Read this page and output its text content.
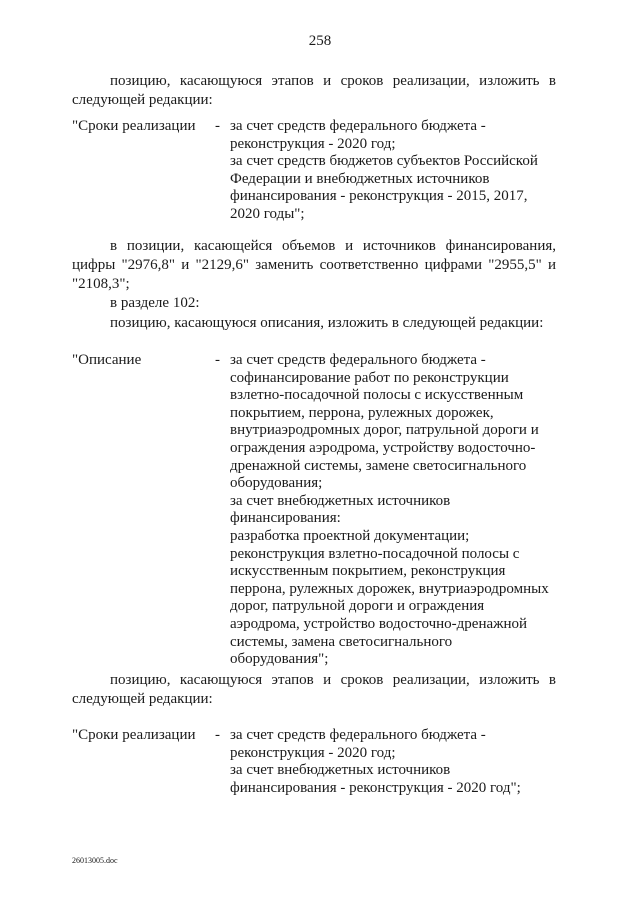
258
позицию, касающуюся этапов и сроков реализации, изложить в
следующей редакции:
"Сроки реализации - за счет средств федерального бюджета -
реконструкция - 2020 год;
за счет средств бюджетов субъектов Российской
Федерации и внебюджетных источников
финансирования - реконструкция - 2015, 2017,
2020 годы";
в позиции, касающейся объемов и источников финансирования,
цифры "2976,8" и "2129,6" заменить соответственно цифрами "2955,5" и
"2108,3";
в разделе 102:
позицию, касающуюся описания, изложить в следующей редакции:
"Описание	- за счет средств федерального бюджета -
софинансирование работ по реконструкции
взлетно-посадочной полосы с искусственным
покрытием, перрона, рулежных дорожек,
внутриаэродромных дорог, патрульной дороги и
ограждения аэродрома, устройству водосточно-
дренажной системы, замене светосигнального
оборудования;
за счет внебюджетных источников
финансирования:
разработка проектной документации;
реконструкция взлетно-посадочной полосы с
искусственным покрытием, реконструкция
перрона, рулежных дорожек, внутриаэродромных
дорог, патрульной дороги и ограждения
аэродрома, устройство водосточно-дренажной
системы, замена светосигнального
оборудования";
позицию, касающуюся этапов и сроков реализации, изложить в
следующей редакции:
"Сроки реализации - за счет средств федерального бюджета -
реконструкция - 2020 год;
за счет внебюджетных источников
финансирования - реконструкция - 2020 год";
26013005.doc
